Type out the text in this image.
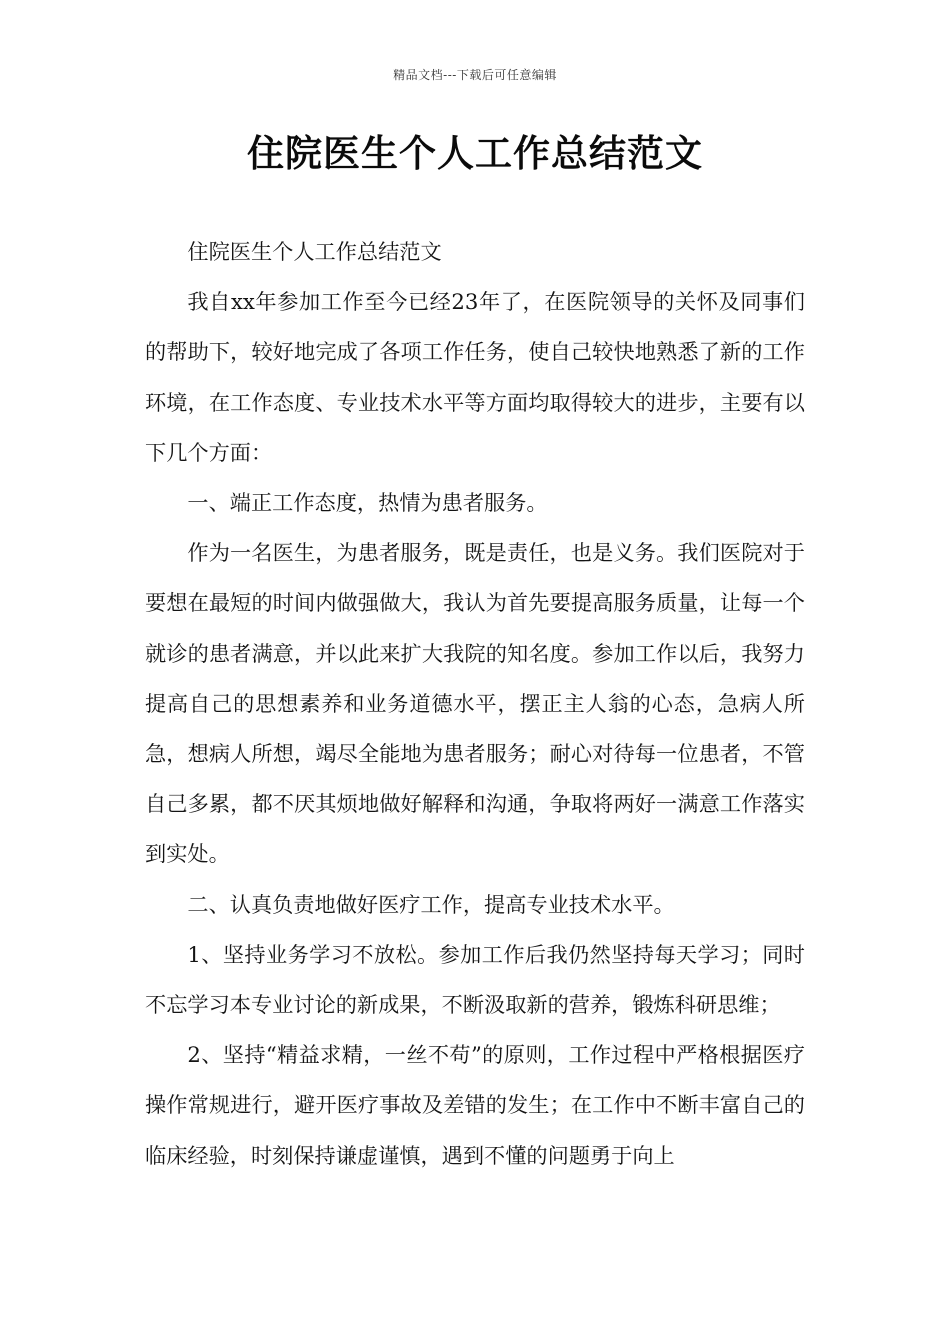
精品文档---下载后可任意编辑
住院医生个人工作总结范文

住院医生个人工作总结范文

我自xx年参加工作至今已经23年了，在医院领导的关怀及同事们的帮助下，较好地完成了各项工作任务，使自己较快地熟悉了新的工作环境，在工作态度、专业技术水平等方面均取得较大的进步，主要有以下几个方面：

一、端正工作态度，热情为患者服务。

作为一名医生，为患者服务，既是责任，也是义务。我们医院对于要想在最短的时间内做强做大，我认为首先要提高服务质量，让每一个就诊的患者满意，并以此来扩大我院的知名度。参加工作以后，我努力提高自己的思想素养和业务道德水平，摆正主人翁的心态，急病人所急，想病人所想，竭尽全能地为患者服务；耐心对待每一位患者，不管自己多累，都不厌其烦地做好解释和沟通，争取将两好一满意工作落实到实处。

二、认真负责地做好医疗工作，提高专业技术水平。

1、坚持业务学习不放松。参加工作后我仍然坚持每天学习；同时不忘学习本专业讨论的新成果，不断汲取新的营养，锻炼科研思维；

2、坚持“精益求精，一丝不苟”的原则，工作过程中严格根据医疗操作常规进行，避开医疗事故及差错的发生；在工作中不断丰富自己的临床经验，时刻保持谦虚谨慎，遇到不懂的问题勇于向上
